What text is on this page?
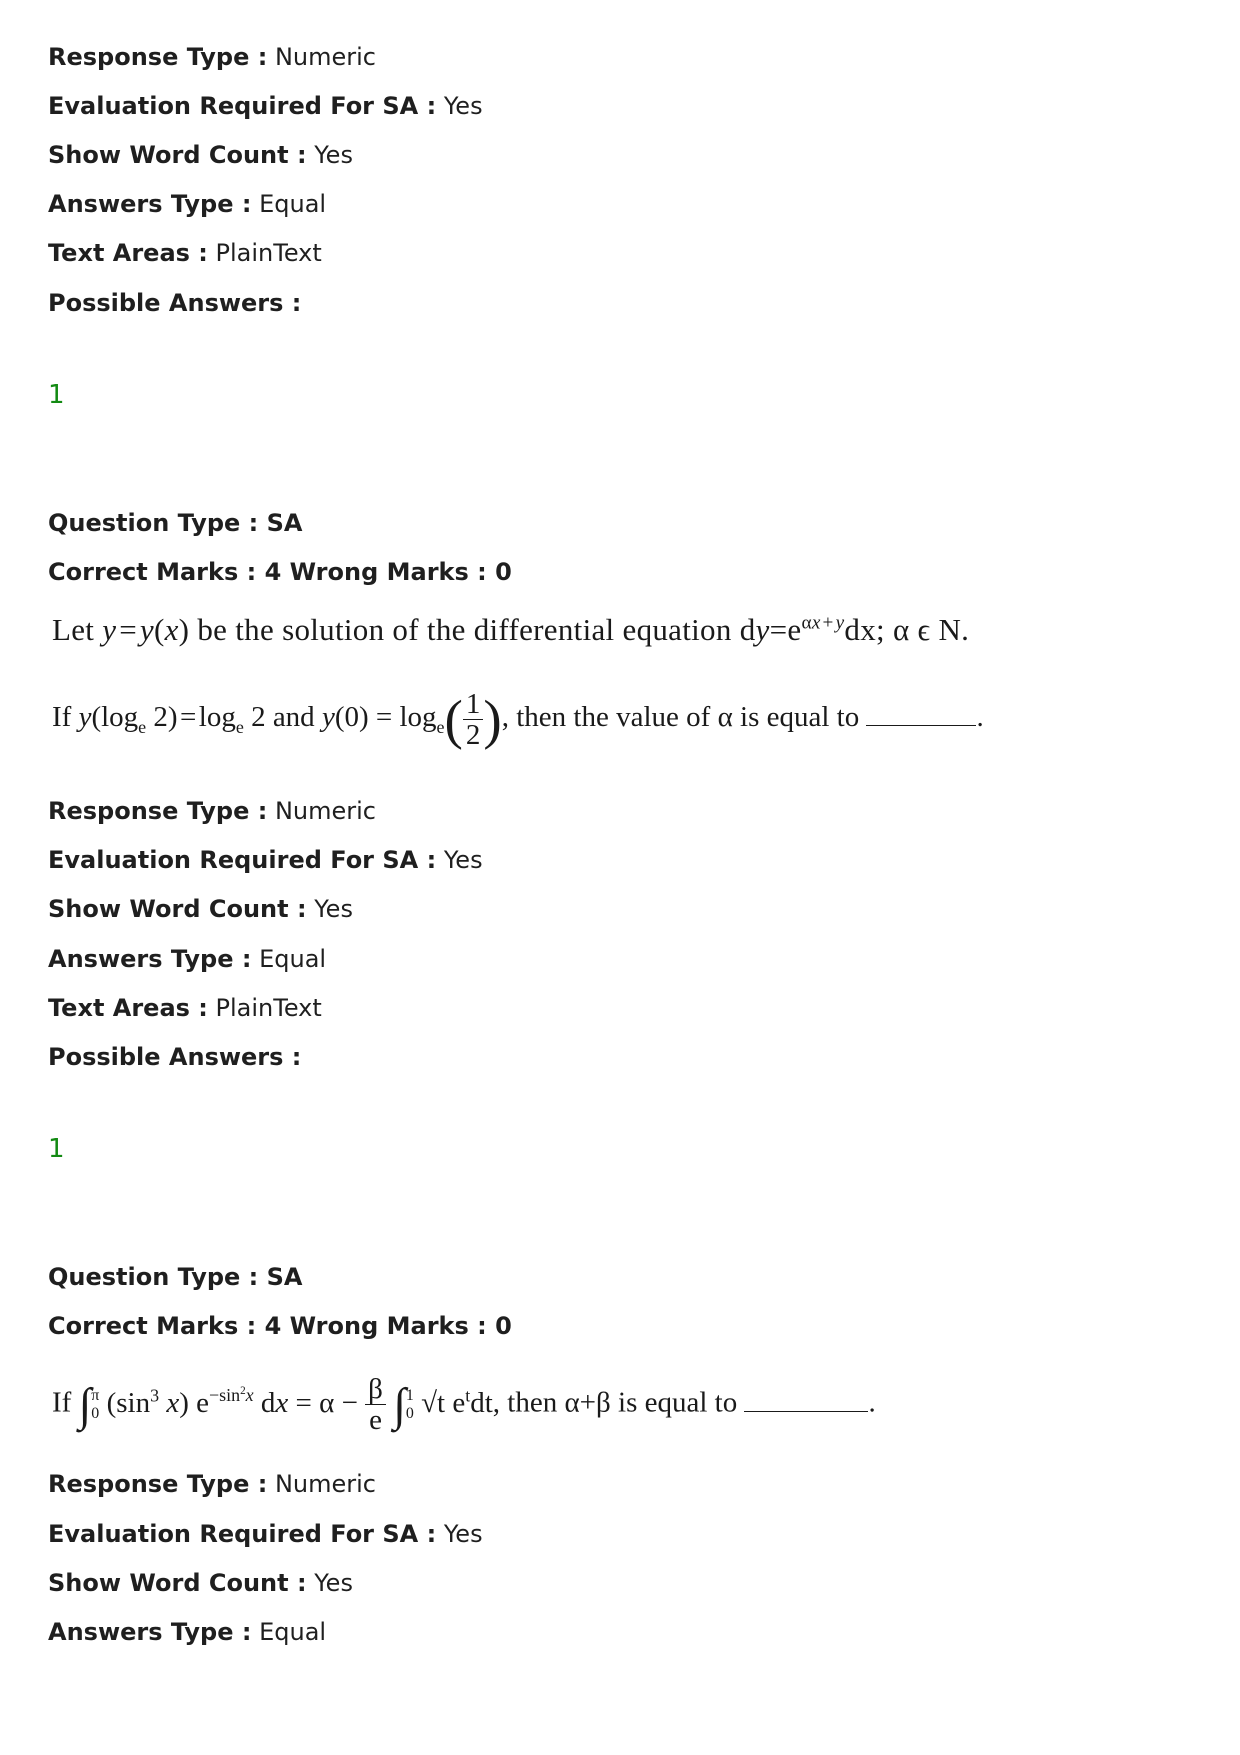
Response Type : Numeric
Evaluation Required For SA : Yes
Show Word Count : Yes
Answers Type : Equal
Text Areas : PlainText
Possible Answers :
1
Question Type : SA
Correct Marks : 4 Wrong Marks : 0
Let y = y(x) be the solution of the differential equation $dy=e^{\alpha x + y}dx$; α ϵ N.
If $y(\log_e$ 2) = $\log_e 2$ and $y(0) = \log_e( \frac{1}{2}$ ), then the value of α is equal to	.
Response Type : Numeric
Evaluation Required For SA : Yes
Show Word Count : Yes
Answers Type : Equal
Text Areas : PlainText
Possible Answers :
1
Question Type : SA
Correct Marks : 4 Wrong Marks : 0
If ∫ π
0 ($\sin^3$ x) $e^{-sin^2x}$ dx = $\alpha - \frac{\beta}{e}$ ∫ 1
0 √t $e^tdt$, then α+β is equal to	.
Response Type : Numeric
Evaluation Required For SA : Yes
Show Word Count : Yes
Answers Type : Equal
